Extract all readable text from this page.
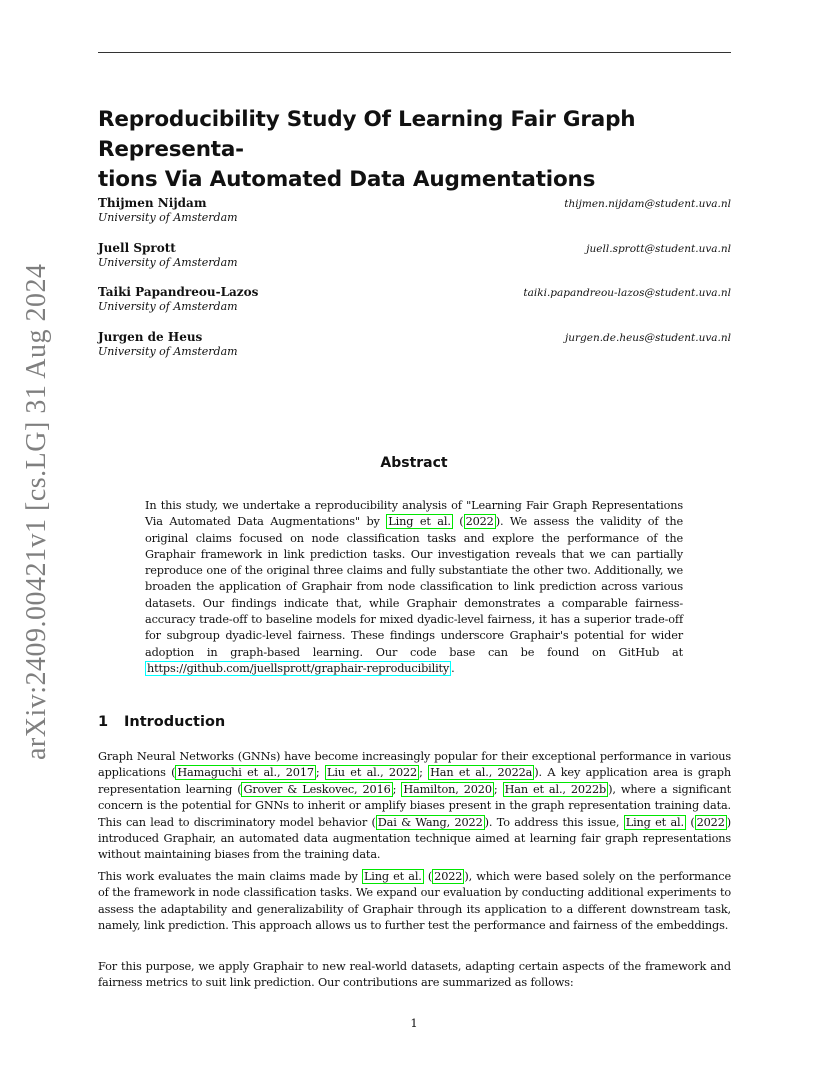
arXiv:2409.00421v1 [cs.LG] 31 Aug 2024
Reproducibility Study Of Learning Fair Graph Representa-
tions Via Automated Data Augmentations
Thijmen Nijdam
University of Amsterdam
thijmen.nijdam@student.uva.nl
Juell Sprott
University of Amsterdam
juell.sprott@student.uva.nl
Taiki Papandreou-Lazos
University of Amsterdam
taiki.papandreou-lazos@student.uva.nl
Jurgen de Heus
University of Amsterdam
jurgen.de.heus@student.uva.nl
Abstract

In this study, we undertake a reproducibility analysis of "Learning Fair Graph Representations Via Automated Data Augmentations" by Ling et al. ( 2022 ). We assess the validity of the original claims focused on node classification tasks and explore the performance of the Graphair framework in link prediction tasks. Our investigation reveals that we can partially reproduce one of the original three claims and fully substantiate the other two. Additionally, we broaden the application of Graphair from node classification to link prediction across various datasets. Our findings indicate that, while Graphair demonstrates a comparable fairness-accuracy trade-off to baseline models for mixed dyadic-level fairness, it has a superior trade-off for subgroup dyadic-level fairness. These findings underscore Graphair's potential for wider adoption in graph-based learning. Our code base can be found on GitHub at https://github.com/juellsprott/graphair-reproducibility .

1 Introduction

Graph Neural Networks (GNNs) have become increasingly popular for their exceptional performance in various applications ( Hamaguchi et al., 2017 ; Liu et al., 2022 ; Han et al., 2022a ). A key application area is graph representation learning ( Grover & Leskovec, 2016 ; Hamilton, 2020 ; Han et al., 2022b ), where a significant concern is the potential for GNNs to inherit or amplify biases present in the graph representation training data. This can lead to discriminatory model behavior ( Dai & Wang, 2022 ). To address this issue, Ling et al. ( 2022 ) introduced Graphair, an automated data augmentation technique aimed at learning fair graph representations without maintaining biases from the training data.

This work evaluates the main claims made by Ling et al. ( 2022 ), which were based solely on the performance of the framework in node classification tasks. We expand our evaluation by conducting additional experiments to assess the adaptability and generalizability of Graphair through its application to a different downstream task, namely, link prediction. This approach allows us to further test the performance and fairness of the embeddings.

For this purpose, we apply Graphair to new real-world datasets, adapting certain aspects of the framework and fairness metrics to suit link prediction. Our contributions are summarized as follows:

1
